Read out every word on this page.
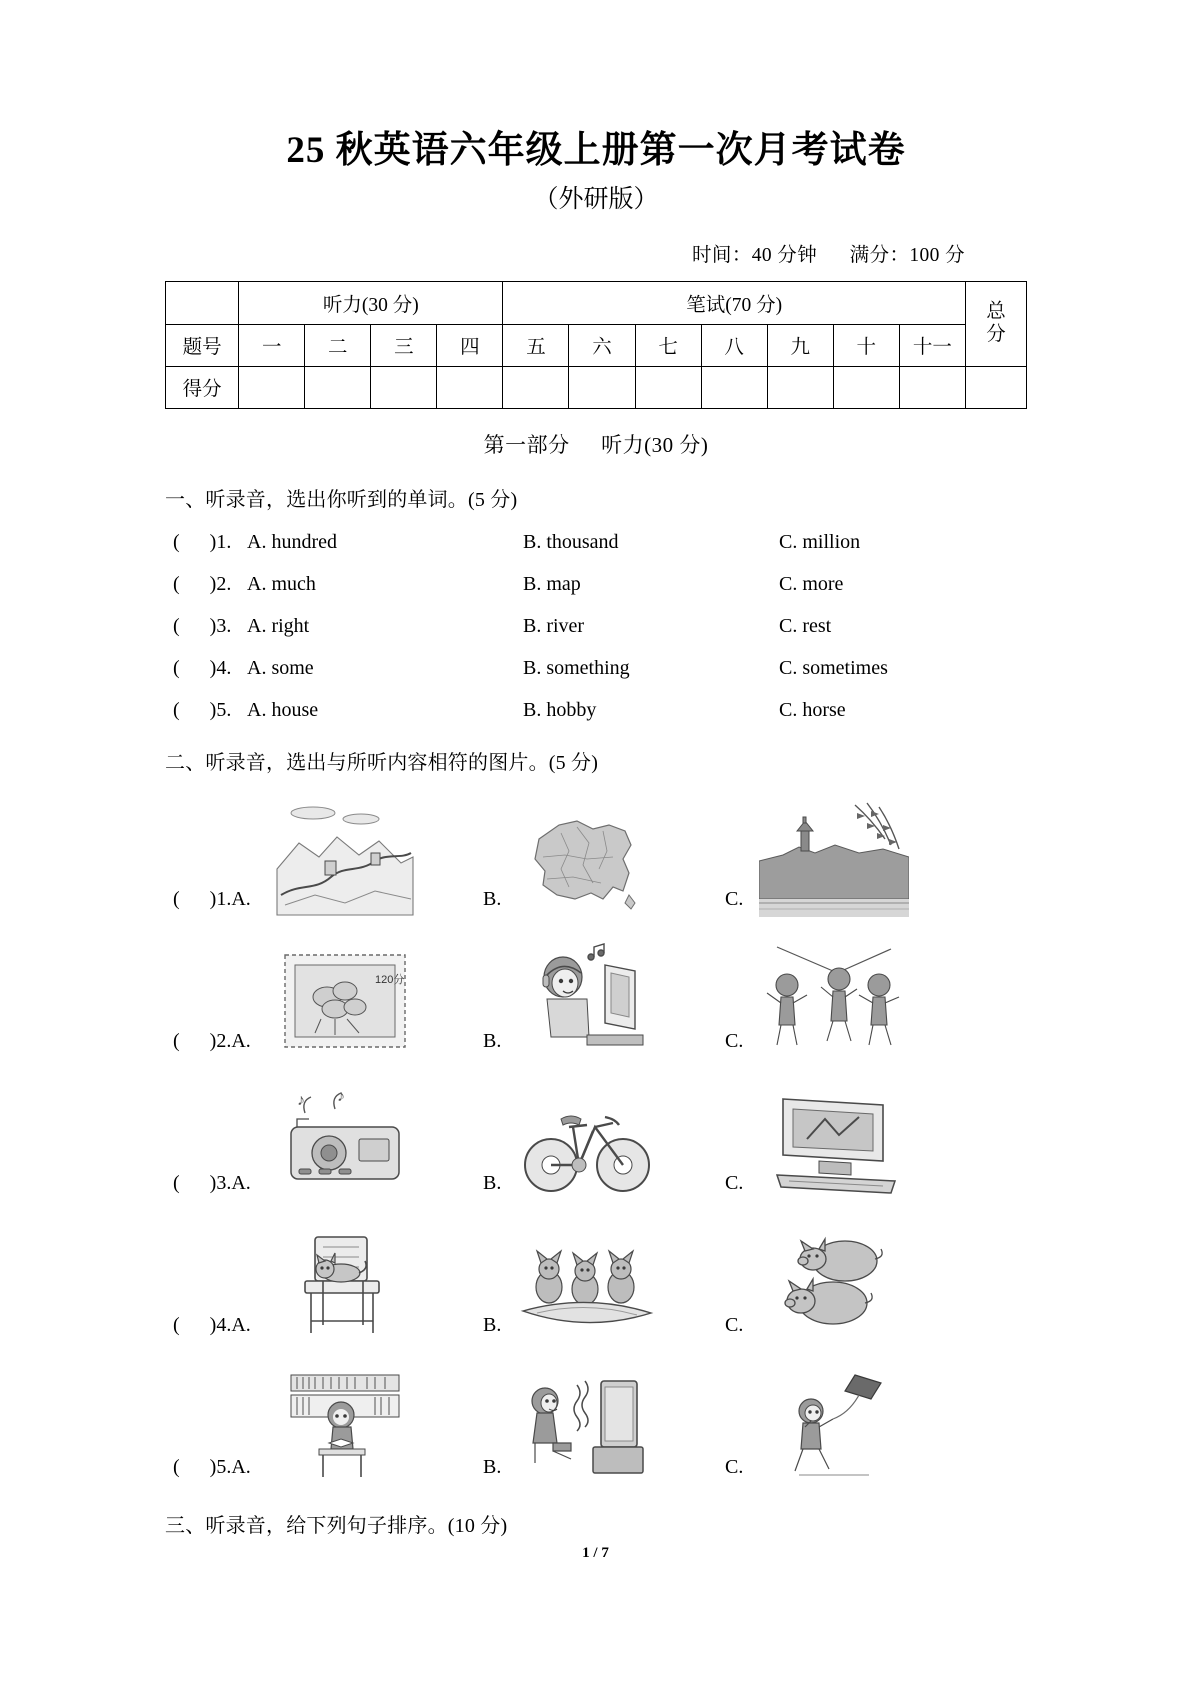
25 秋英语六年级上册第一次月考试卷
（外研版）
时间：40 分钟 满分：100 分
	听力(30 分)				笔试(70 分)							总
分

题号	一	二	三	四	五	六	七	八	九	十	十一	
得分												
第一部分 听力(30 分)
一、听录音，选出你听到的单词。(5 分)
(      )1. A. hundred	B. thousand	C. million
(      )2. A. much	B. map	C. more
(      )3. A. right	B. river	C. rest
(      )4. A. some	B. something	C. sometimes
(      )5. A. house	B. hobby	C. horse
二、听录音，选出与所听内容相符的图片。(5 分)
(      )1.A.	B.	C.
(      )2.A.	B.	C.
120分
(      )3.A.	B.	C.
♪ ♪
(      )4.A.	B.	C.
(      )5.A.	B.	C.
三、听录音，给下列句子排序。(10 分)
1 / 7
